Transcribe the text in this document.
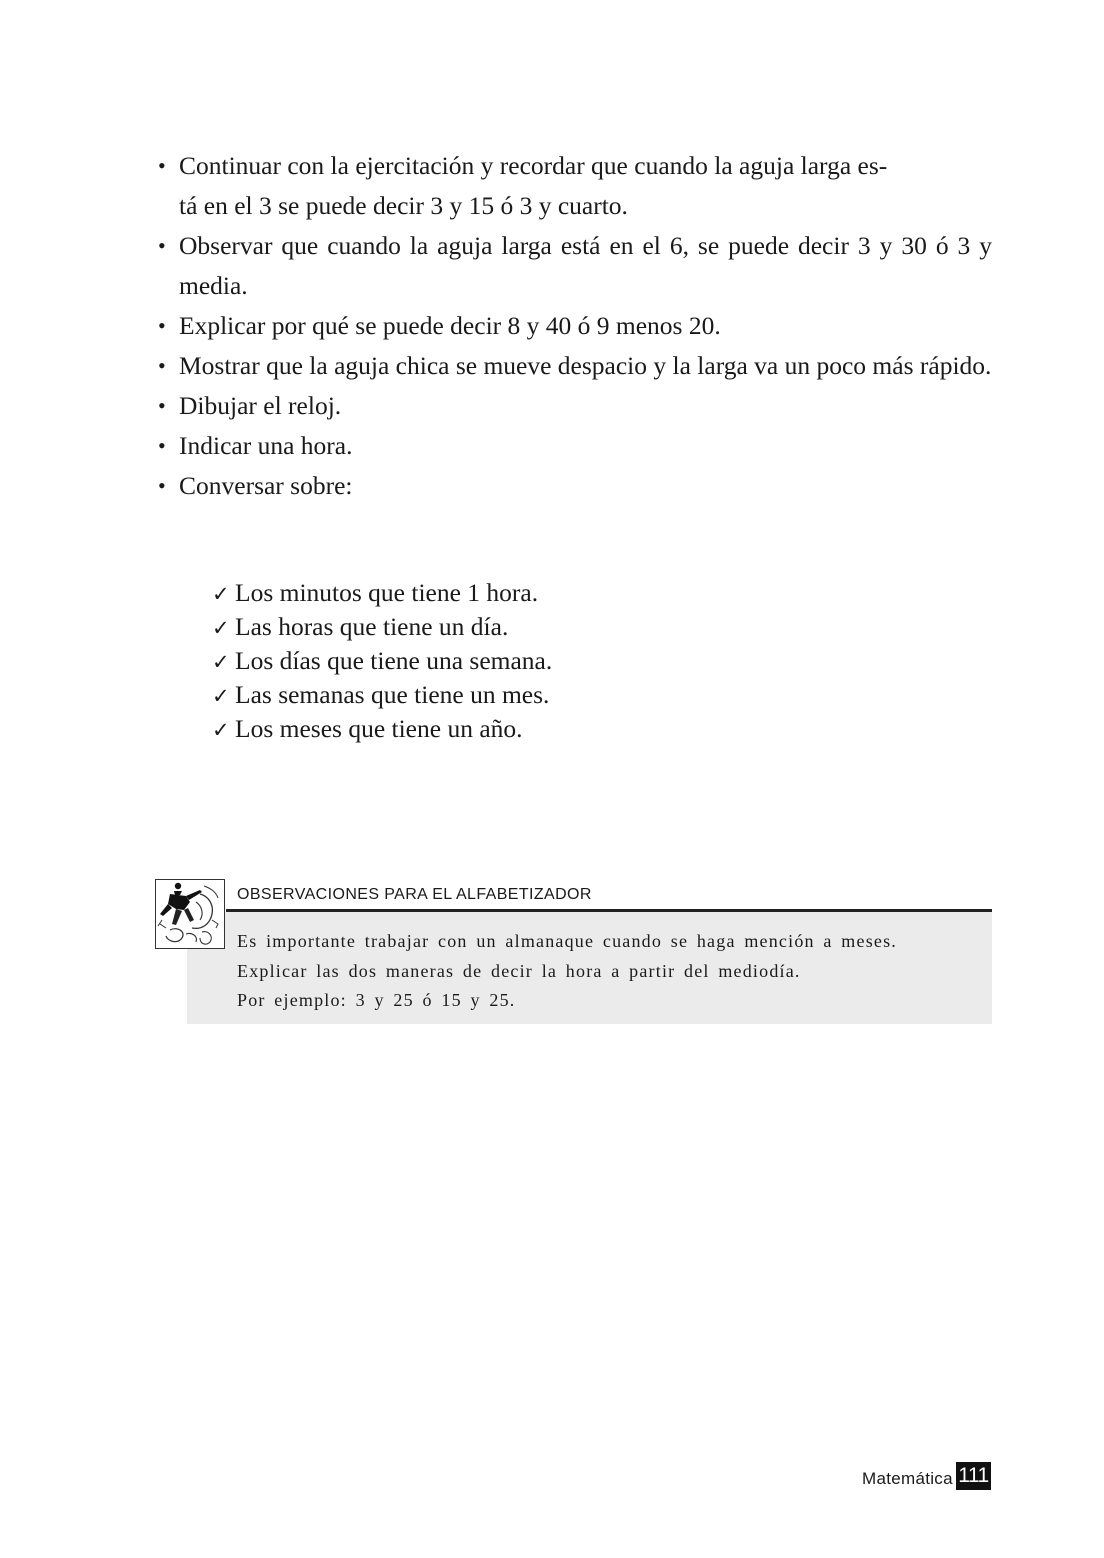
• Continuar con la ejercitación y recordar que cuando la aguja larga es-
tá en el 3 se puede decir 3 y 15 ó 3 y cuarto.
• Observar que cuando la aguja larga está en el 6, se puede decir 3 y 30 ó 3 y media.
• Explicar por qué se puede decir 8 y 40 ó 9 menos 20.
• Mostrar que la aguja chica se mueve despacio y la larga va un poco más rápido.
• Dibujar el reloj.
• Indicar una hora.
• Conversar sobre:
✓ Los minutos que tiene 1 hora.
✓ Las horas que tiene un día.
✓ Los días que tiene una semana.
✓ Las semanas que tiene un mes.
✓ Los meses que tiene un año.
OBSERVACIONES PARA EL ALFABETIZADOR
Es importante trabajar con un almanaque cuando se haga mención a meses.
Explicar las dos maneras de decir la hora a partir del mediodía.
Por ejemplo: 3 y 25 ó 15 y 25.
Matemática 111
